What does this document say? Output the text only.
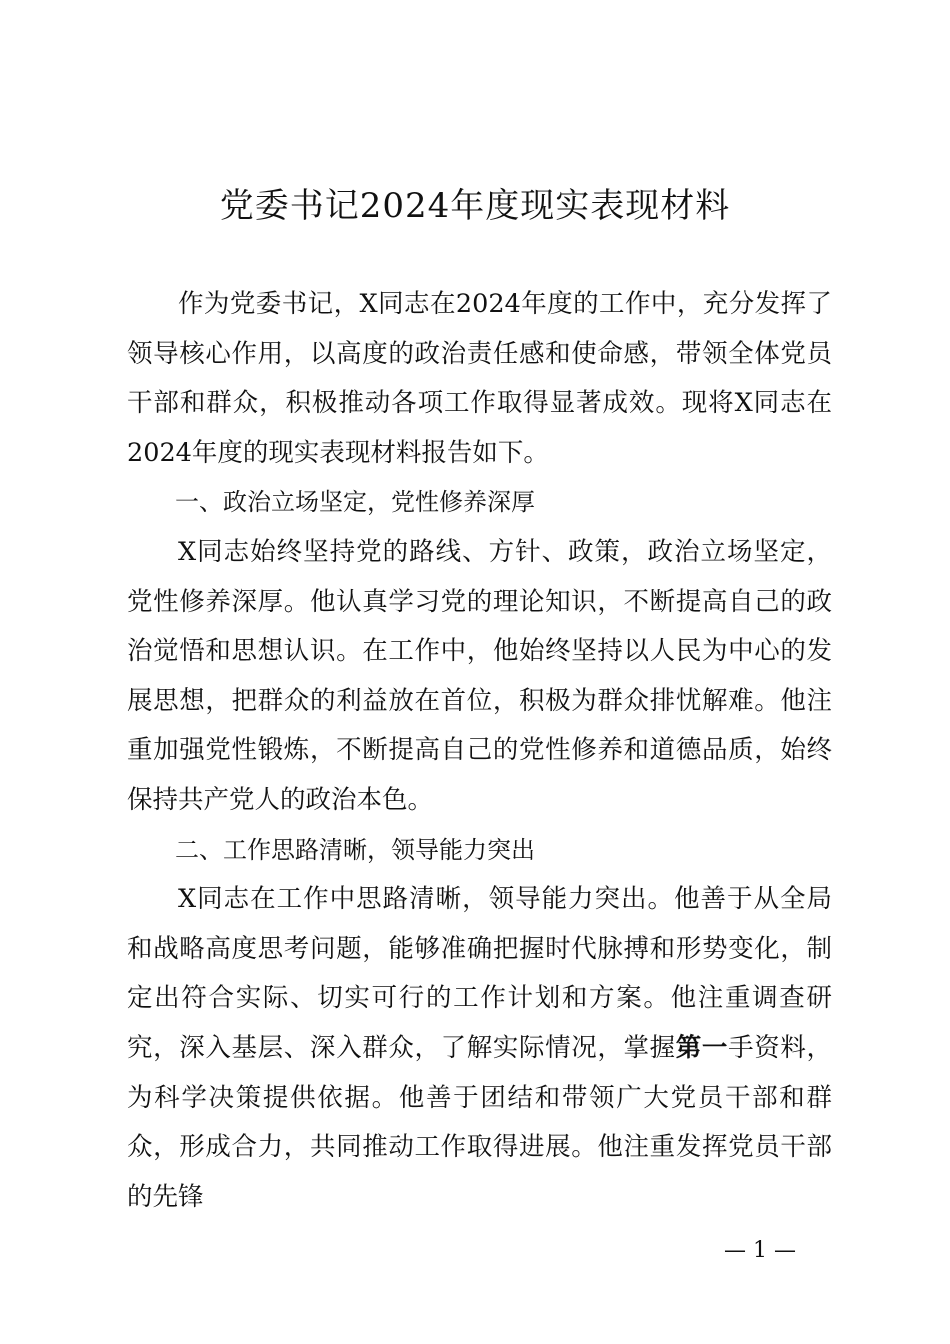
党委书记2024年度现实表现材料

作为党委书记，X同志在2024年度的工作中，充分发挥了领导核心作用，以高度的政治责任感和使命感，带领全体党员干部和群众，积极推动各项工作取得显著成效。现将X同志在2024年度的现实表现材料报告如下。

一、政治立场坚定，党性修养深厚

X同志始终坚持党的路线、方针、政策，政治立场坚定，党性修养深厚。他认真学习党的理论知识，不断提高自己的政治觉悟和思想认识。在工作中，他始终坚持以人民为中心的发展思想，把群众的利益放在首位，积极为群众排忧解难。他注重加强党性锻炼，不断提高自己的党性修养和道德品质，始终保持共产党人的政治本色。

二、工作思路清晰，领导能力突出

X同志在工作中思路清晰，领导能力突出。他善于从全局和战略高度思考问题，能够准确把握时代脉搏和形势变化，制定出符合实际、切实可行的工作计划和方案。他注重调查研究，深入基层、深入群众，了解实际情况，掌握第一手资料，为科学决策提供依据。他善于团结和带领广大党员干部和群众，形成合力，共同推动工作取得进展。他注重发挥党员干部的先锋

— 1 —
